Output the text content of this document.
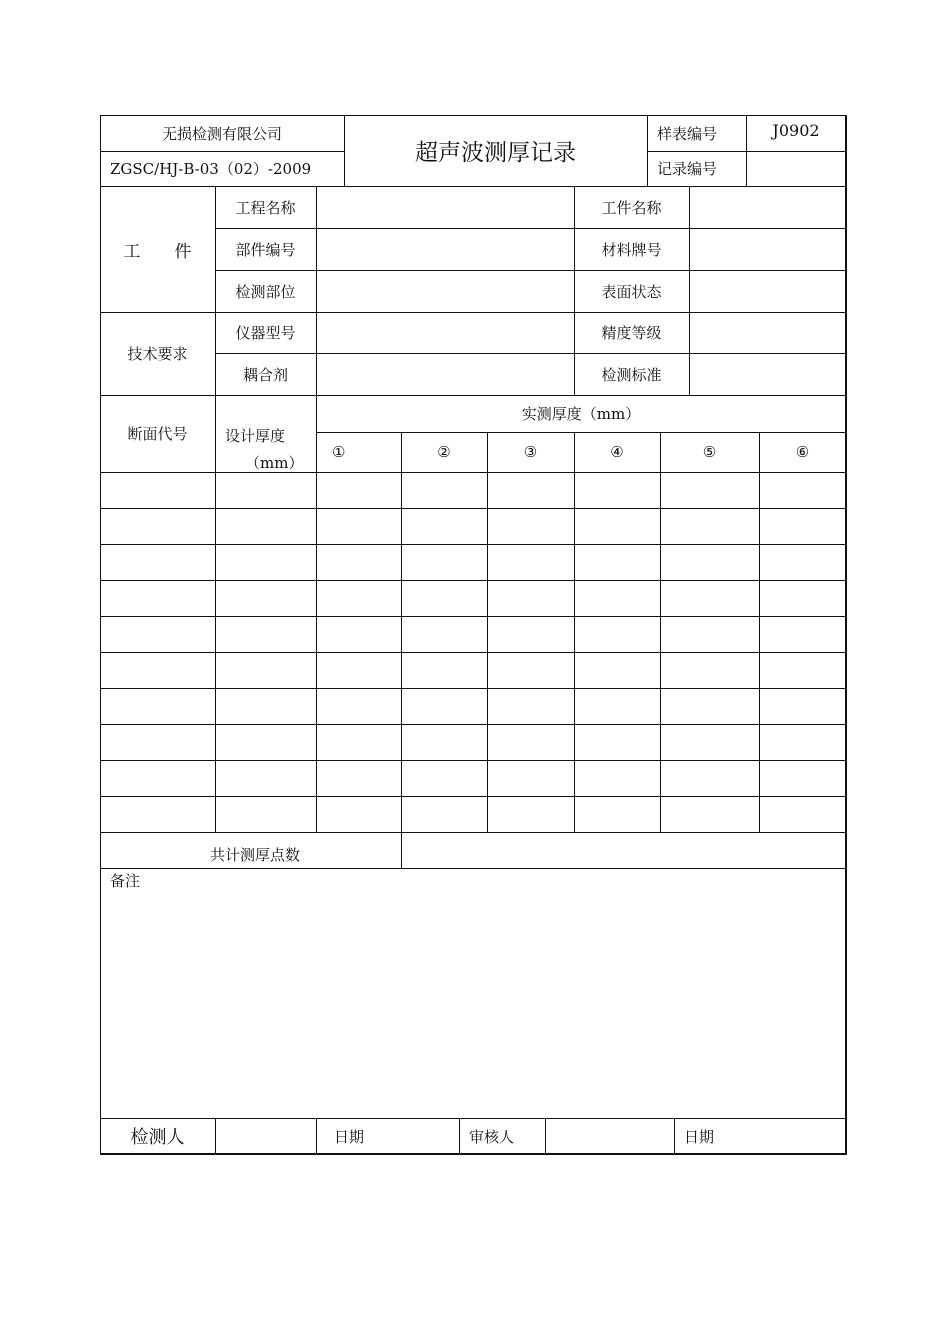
无损检测有限公司
ZGSC/HJ-B-03（02）-2009
超声波测厚记录
样表编号	J0902
记录编号
工　　件
工程名称	工件名称
部件编号	材料牌号
检测部位	表面状态
技术要求
仪器型号	精度等级
耦合剂	检测标准
断面代号	设计厚度
（mm）
实测厚度（mm）
①	②	③	④	⑤	⑥
共计测厚点数
备注
检测人	日期	审核人	日期
